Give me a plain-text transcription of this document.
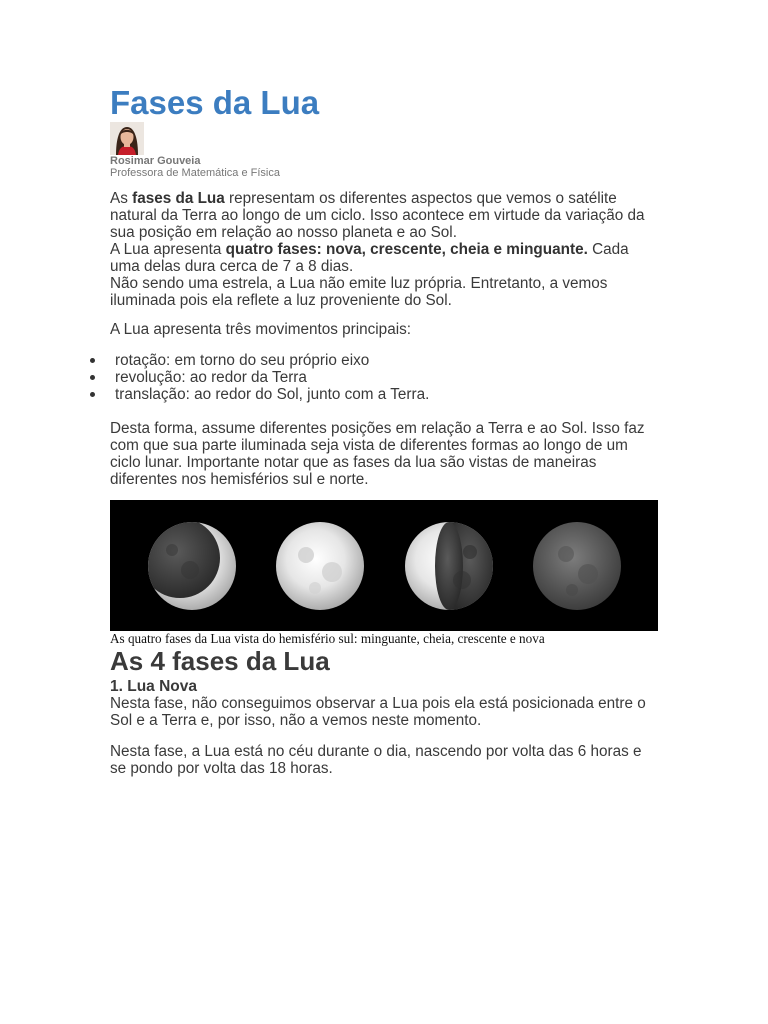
Fases da Lua
Rosimar Gouveia
Professora de Matemática e Física

As fases da Lua representam os diferentes aspectos que vemos o satélite natural da Terra ao longo de um ciclo. Isso acontece em virtude da variação da sua posição em relação ao nosso planeta e ao Sol.

A Lua apresenta quatro fases: nova, crescente, cheia e minguante. Cada uma delas dura cerca de 7 a 8 dias.

Não sendo uma estrela, a Lua não emite luz própria. Entretanto, a vemos iluminada pois ela reflete a luz proveniente do Sol.

A Lua apresenta três movimentos principais:

rotação: em torno do seu próprio eixo
revolução: ao redor da Terra
translação: ao redor do Sol, junto com a Terra.

Desta forma, assume diferentes posições em relação a Terra e ao Sol. Isso faz com que sua parte iluminada seja vista de diferentes formas ao longo de um ciclo lunar. Importante notar que as fases da lua são vistas de maneiras diferentes nos hemisférios sul e norte.

As quatro fases da Lua vista do hemisfério sul: minguante, cheia, crescente e nova
As 4 fases da Lua
1. Lua Nova

Nesta fase, não conseguimos observar a Lua pois ela está posicionada entre o Sol e a Terra e, por isso, não a vemos neste momento.

Nesta fase, a Lua está no céu durante o dia, nascendo por volta das 6 horas e se pondo por volta das 18 horas.
